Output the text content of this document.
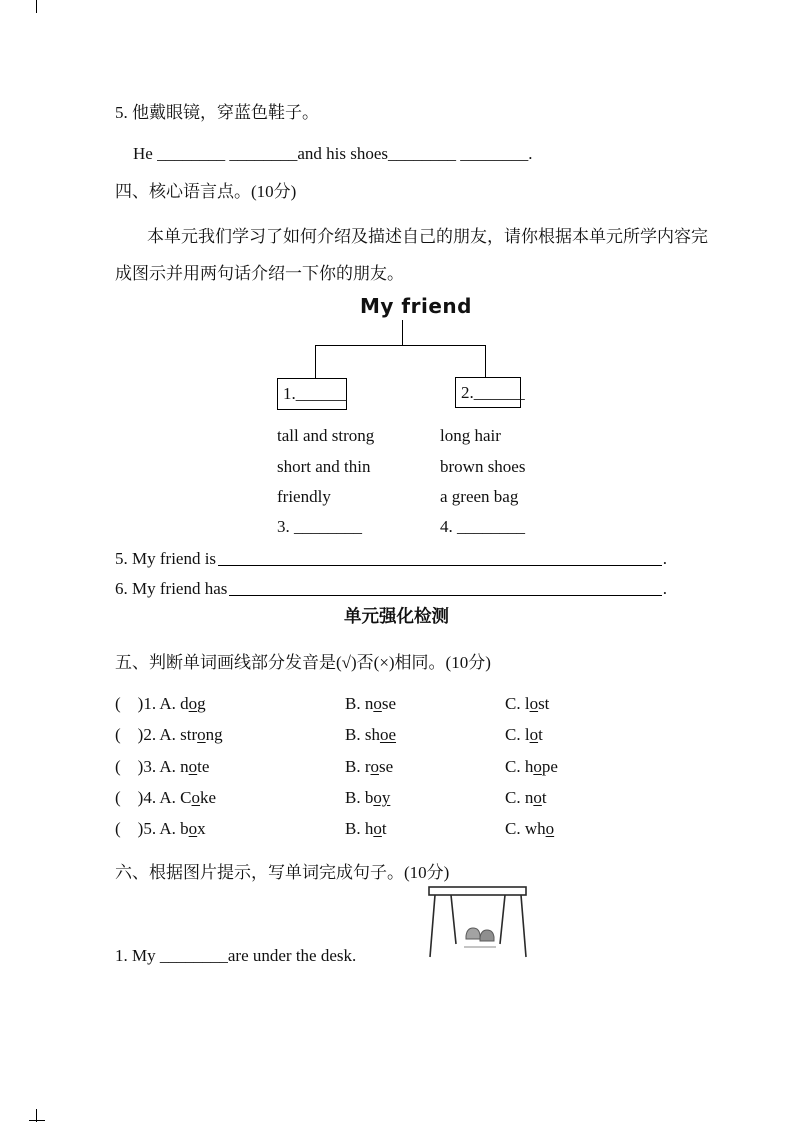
5. 他戴眼镜，穿蓝色鞋子。
He ________ ________and his shoes________ ________.
四、核心语言点。(10分)
本单元我们学习了如何介绍及描述自己的朋友，请你根据本单元所学内容完
成图示并用两句话介绍一下你的朋友。
My friend
1.______	2.______
tall and strong
short and thin
friendly
3. ________
long hair
brown shoes
a green bag
4. ________
5. My friend is	.
6. My friend has	.
单元强化检测
五、判断单词画线部分发音是(√)否(×)相同。(10分)
(    )1. A. dog	B. nose	C. lost
(    )2. A. strong	B. shoe	C. lot
(    )3. A. note	B. rose	C. hope
(    )4. A. Coke	B. boy	C. not
(    )5. A. box	B. hot	C. who
六、根据图片提示，写单词完成句子。(10分)
1. My ________are under the desk.
